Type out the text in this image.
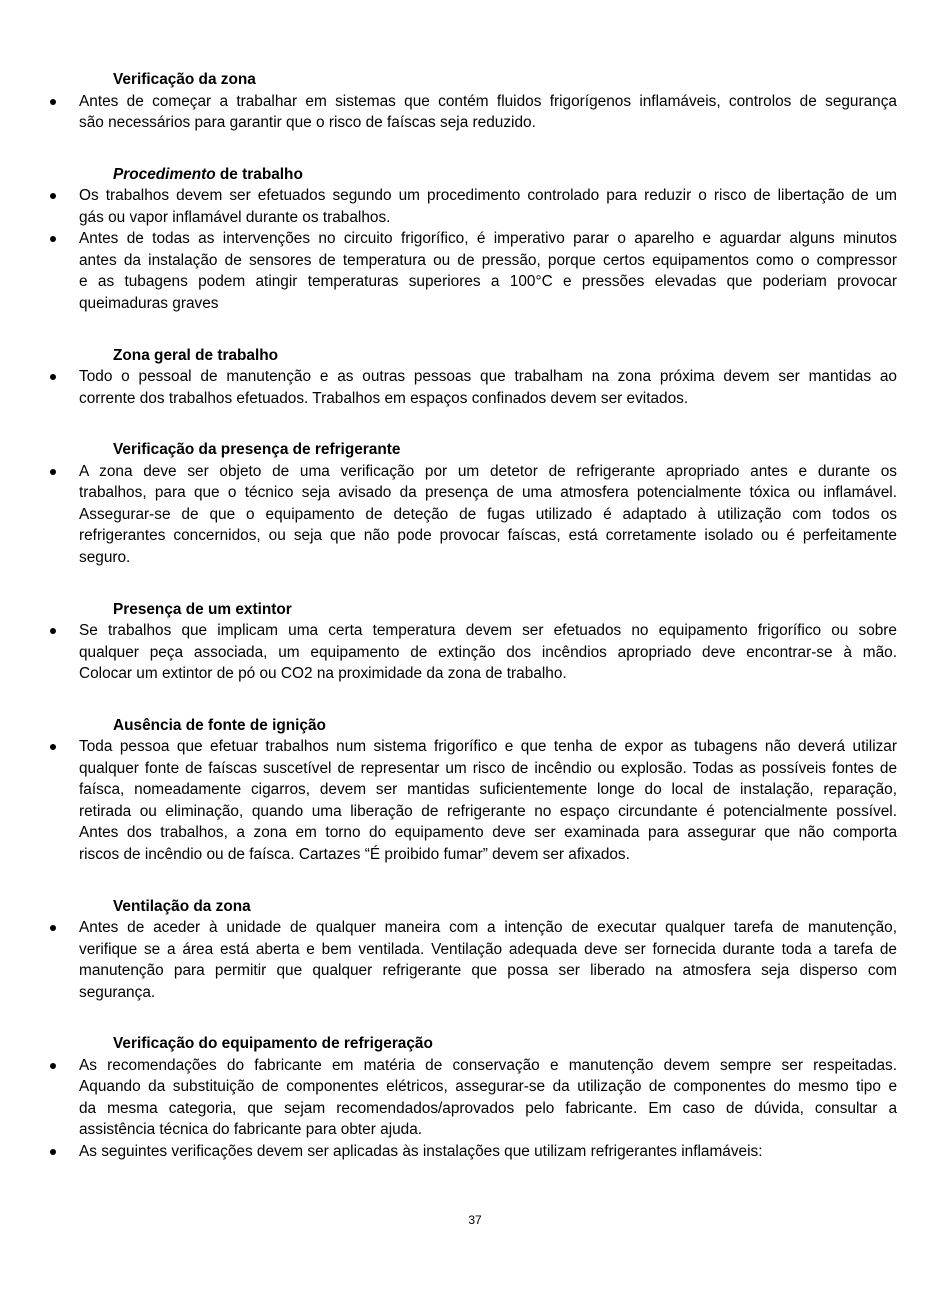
Verificação da zona
Antes de começar a trabalhar em sistemas que contém fluidos frigorígenos inflamáveis, controlos de segurança
são necessários para garantir que o risco de faíscas seja reduzido.
Procedimento de trabalho
Os trabalhos devem ser efetuados segundo um procedimento controlado para reduzir o risco de libertação de um
gás ou vapor inflamável durante os trabalhos.
Antes de todas as intervenções no circuito frigorífico, é imperativo parar o aparelho e aguardar alguns minutos
antes da instalação de sensores de temperatura ou de pressão, porque certos equipamentos como o compressor
e as tubagens podem atingir temperaturas superiores a 100°C e pressões elevadas que poderiam provocar
queimaduras graves
Zona geral de trabalho
Todo o pessoal de manutenção e as outras pessoas que trabalham na zona próxima devem ser mantidas ao
corrente dos trabalhos efetuados. Trabalhos em espaços confinados devem ser evitados.
Verificação da presença de refrigerante
A zona deve ser objeto de uma verificação por um detetor de refrigerante apropriado antes e durante os
trabalhos, para que o técnico seja avisado da presença de uma atmosfera potencialmente tóxica ou inflamável.
Assegurar-se de que o equipamento de deteção de fugas utilizado é adaptado à utilização com todos os
refrigerantes concernidos, ou seja que não pode provocar faíscas, está corretamente isolado ou é perfeitamente
seguro.
Presença de um extintor
Se trabalhos que implicam uma certa temperatura devem ser efetuados no equipamento frigorífico ou sobre
qualquer peça associada, um equipamento de extinção dos incêndios apropriado deve encontrar-se à mão.
Colocar um extintor de pó ou CO2 na proximidade da zona de trabalho.
Ausência de fonte de ignição
Toda pessoa que efetuar trabalhos num sistema frigorífico e que tenha de expor as tubagens não deverá utilizar
qualquer fonte de faíscas suscetível de representar um risco de incêndio ou explosão. Todas as possíveis fontes de
faísca, nomeadamente cigarros, devem ser mantidas suficientemente longe do local de instalação, reparação,
retirada ou eliminação, quando uma liberação de refrigerante no espaço circundante é potencialmente possível.
Antes dos trabalhos, a zona em torno do equipamento deve ser examinada para assegurar que não comporta
riscos de incêndio ou de faísca. Cartazes “É proibido fumar” devem ser afixados.
Ventilação da zona
Antes de aceder à unidade de qualquer maneira com a intenção de executar qualquer tarefa de manutenção,
verifique se a área está aberta e bem ventilada. Ventilação adequada deve ser fornecida durante toda a tarefa de
manutenção para permitir que qualquer refrigerante que possa ser liberado na atmosfera seja disperso com
segurança.
Verificação do equipamento de refrigeração
As recomendações do fabricante em matéria de conservação e manutenção devem sempre ser respeitadas.
Aquando da substituição de componentes elétricos, assegurar-se da utilização de componentes do mesmo tipo e
da mesma categoria, que sejam recomendados/aprovados pelo fabricante. Em caso de dúvida, consultar a
assistência técnica do fabricante para obter ajuda.
As seguintes verificações devem ser aplicadas às instalações que utilizam refrigerantes inflamáveis:
37
